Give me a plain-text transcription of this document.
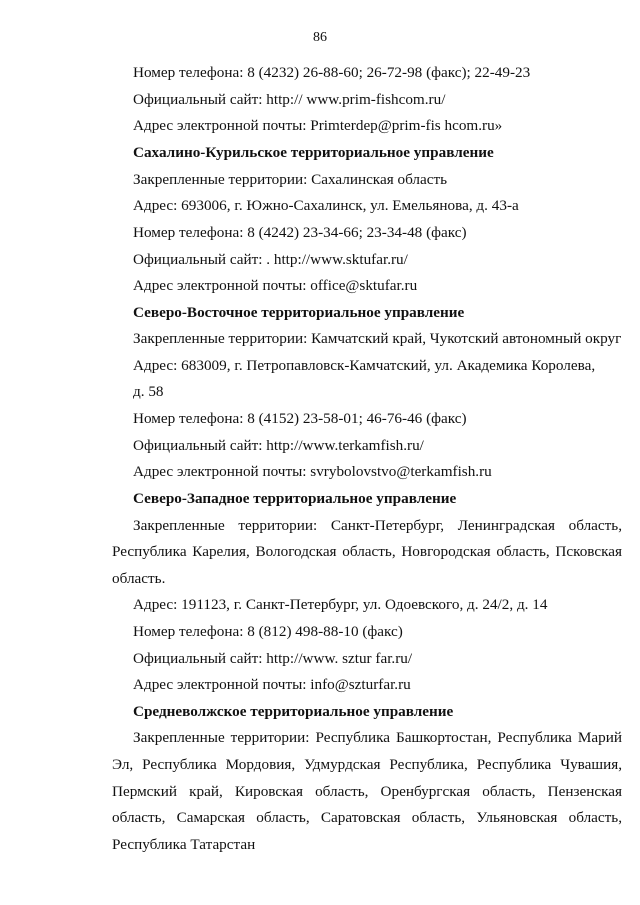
86
Номер телефона: 8 (4232) 26-88-60; 26-72-98 (факс); 22-49-23
Официальный сайт: http:// www.prim-fishcom.ru/
Адрес электронной почты: Primterdep@prim-fis hcom.ru»
Сахалино-Курильское территориальное управление
Закрепленные территории: Сахалинская область
Адрес: 693006, г. Южно-Сахалинск, ул. Емельянова, д. 43-а
Номер телефона: 8 (4242) 23-34-66; 23-34-48 (факс)
Официальный сайт: . http://www.sktufar.ru/
Адрес электронной почты: office@sktufar.ru
Северо-Восточное территориальное управление
Закрепленные территории: Камчатский край, Чукотский автономный округ
Адрес: 683009, г. Петропавловск-Камчатский, ул. Академика Королева,
д. 58
Номер телефона: 8 (4152) 23-58-01; 46-76-46 (факс)
Официальный сайт: http://www.terkamfish.ru/
Адрес электронной почты: svrybolovstvo@terkamfish.ru
Северо-Западное территориальное управление
Закрепленные территории: Санкт-Петербург, Ленинградская область,
Республика Карелия, Вологодская область, Новгородская область, Псковская
область.
Адрес: 191123, г. Санкт-Петербург, ул. Одоевского, д. 24/2, д. 14
Номер телефона: 8 (812) 498-88-10 (факс)
Официальный сайт: http://www. sztur far.ru/
Адрес электронной почты: info@szturfar.ru
Средневолжское территориальное управление
Закрепленные территории: Республика Башкортостан, Республика Марий
Эл, Республика Мордовия, Удмурдская Республика, Республика Чувашия,
Пермский край, Кировская область, Оренбургская область, Пензенская
область, Самарская область, Саратовская область, Ульяновская область,
Республика Татарстан
